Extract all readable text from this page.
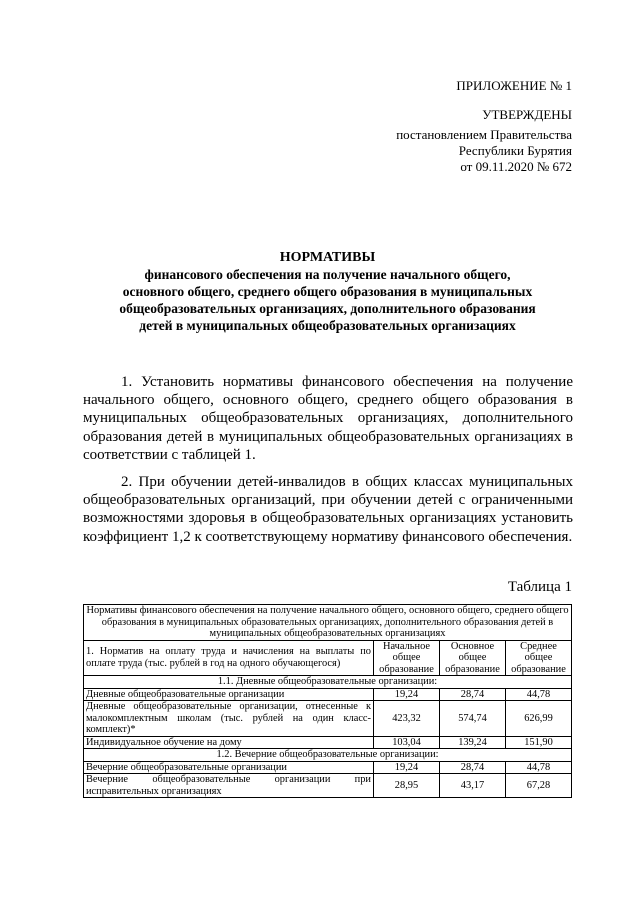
ПРИЛОЖЕНИЕ № 1
УТВЕРЖДЕНЫ
постановлением Правительства
Республики Бурятия
от 09.11.2020 № 672
НОРМАТИВЫ
финансового обеспечения на получение начального общего,
основного общего, среднего общего образования в муниципальных
общеобразовательных организациях, дополнительного образования
детей в муниципальных общеобразовательных организациях
1. Установить нормативы финансового обеспечения на получение начального общего, основного общего, среднего общего образования в муниципальных общеобразовательных организациях, дополнительного образования детей в муниципальных общеобразовательных организациях в соответствии с таблицей 1.
2. При обучении детей-инвалидов в общих классах муниципальных общеобразовательных организаций, при обучении детей с ограниченными возможностями здоровья в общеобразовательных организациях установить коэффициент 1,2 к соответствующему нормативу финансового обеспечения.
Таблица 1
Нормативы финансового обеспечения на получение начального общего, основного общего, среднего общего образования в муниципальных образовательных организациях, дополнительного образования детей в муниципальных общеобразовательных организациях			
1. Норматив на оплату труда и начисления на выплаты по оплате труда (тыс. рублей в год на одного обучающегося)	Начальное общее образование	Основное общее образование	Среднее общее образование
1.1. Дневные общеобразовательные организации:			
Дневные общеобразовательные организации	19,24	28,74	44,78
Дневные общеобразовательные организации, отнесенные к малокомплектным школам (тыс. рублей на один класс-комплект)*	423,32	574,74	626,99
Индивидуальное обучение на дому	103,04	139,24	151,90
1.2. Вечерние общеобразовательные организации:			
Вечерние общеобразовательные организации	19,24	28,74	44,78
Вечерние общеобразовательные организации при исправительных организациях	28,95	43,17	67,28
